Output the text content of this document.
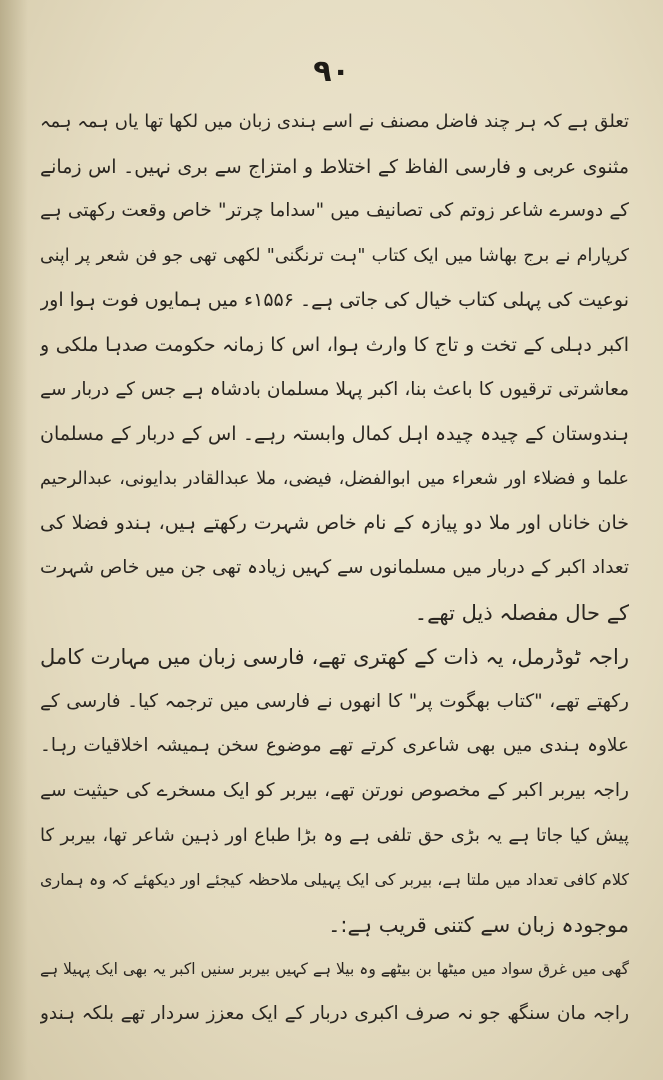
۹۰
تعلق ہے کہ ہر چند فاضل مصنف نے اسے ہندی زبان میں لکھا تھا یاں ہمہ ہمہ
مثنوی عربی و فارسی الفاظ کے اختلاط و امتزاج سے بری نہیں۔ اس زمانے
کے دوسرے شاعر زوتم کی تصانیف میں "سداما چرتر" خاص وقعت رکھتی ہے
کرپارام نے برج بھاشا میں ایک کتاب "ہت ترنگنی" لکھی تھی جو فن شعر پر اپنی
نوعیت کی پہلی کتاب خیال کی جاتی ہے۔ ۱۵۵۶ء میں ہمایوں فوت ہوا اور
اکبر دہلی کے تخت و تاج کا وارث ہوا، اس کا زمانہ حکومت صدہا ملکی و
معاشرتی ترقیوں کا باعث بنا، اکبر پہلا مسلمان بادشاہ ہے جس کے دربار سے
ہندوستان کے چیدہ چیدہ اہل کمال وابستہ رہے۔ اس کے دربار کے مسلمان
علما و فضلاء اور شعراء میں ابوالفضل، فیضی، ملا عبدالقادر بدایونی، عبدالرحیم
خان خاناں اور ملا دو پیازہ کے نام خاص شہرت رکھتے ہیں، ہندو فضلا کی
تعداد اکبر کے دربار میں مسلمانوں سے کہیں زیادہ تھی جن میں خاص شہرت
کے حال مفصلہ ذیل تھے۔
راجہ ٹوڈرمل، یہ ذات کے کھتری تھے، فارسی زبان میں مہارت کامل
رکھتے تھے، "کتاب بھگوت پر" کا انھوں نے فارسی میں ترجمہ کیا۔ فارسی کے
علاوہ ہندی میں بھی شاعری کرتے تھے موضوع سخن ہمیشہ اخلاقیات رہا۔
راجہ بیربر اکبر کے مخصوص نورتن تھے، بیربر کو ایک مسخرے کی حیثیت سے
پیش کیا جاتا ہے یہ بڑی حق تلفی ہے وہ بڑا طباع اور ذہین شاعر تھا، بیربر کا
کلام کافی تعداد میں ملتا ہے، بیربر کی ایک پہیلی ملاحظہ کیجئے اور دیکھئے کہ وہ ہماری
موجودہ زبان سے کتنی قریب ہے:۔
گھی میں غرق سواد میں میٹھا بن بیٹھے وہ بیلا ہے کہیں بیربر سنیں اکبر یہ بھی ایک پہیلا ہے
راجہ مان سنگھ جو نہ صرف اکبری دربار کے ایک معزز سردار تھے بلکہ ہندو
